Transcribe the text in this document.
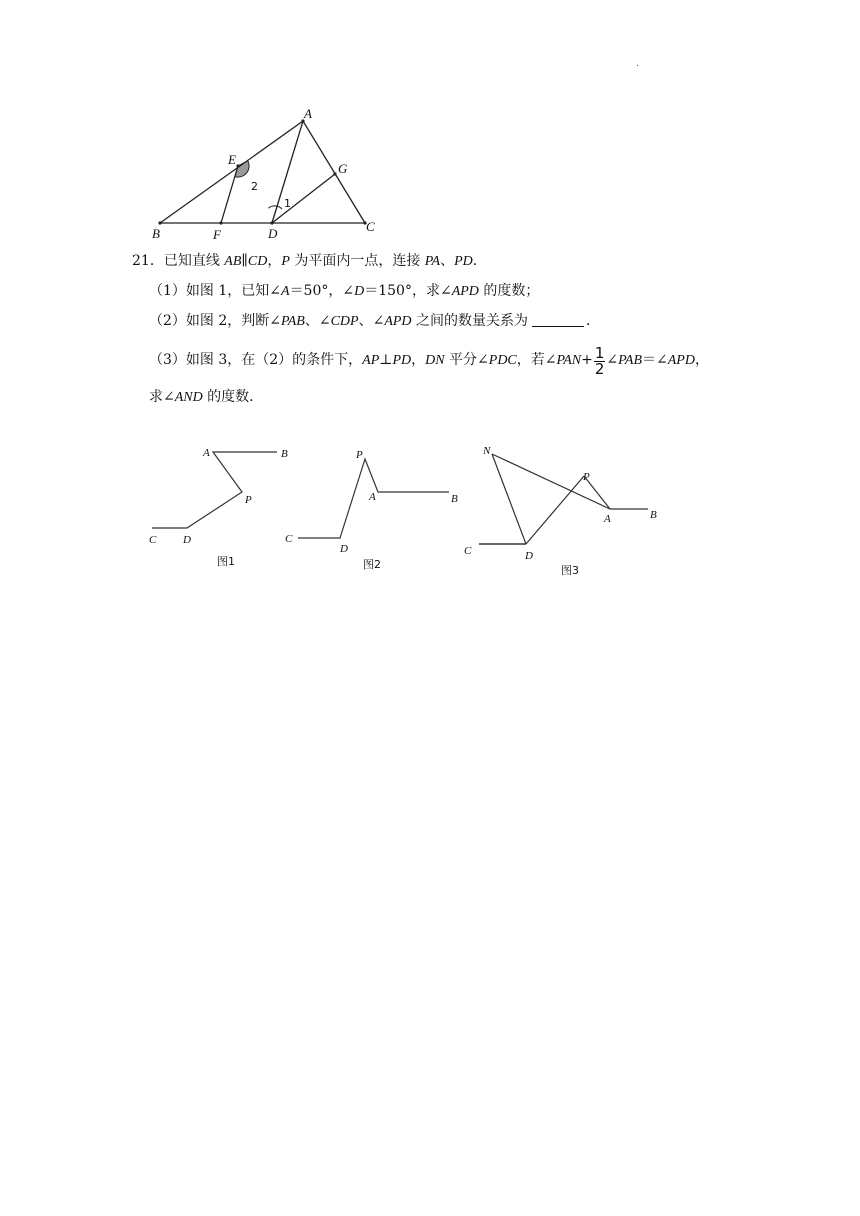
.
A
B	C
D
E
F
G
1
2
21．已知直线 AB∥CD，P 为平面内一点，连接 PA、PD．
（1）如图 1，已知∠A＝50°，∠D＝150°，求∠APD 的度数；
（2）如图 2，判断∠PAB、∠CDP、∠APD 之间的数量关系为	．
（3）如图 3，在（2）的条件下，AP⊥PD，DN 平分∠PDC，若∠PAN+ $\frac{1}{2}$ ∠PAB＝∠APD，
求∠AND 的度数．
A	B
P
C D
图1
P
A	B
C
D
图2
N
P
A	B
C	D
图3
